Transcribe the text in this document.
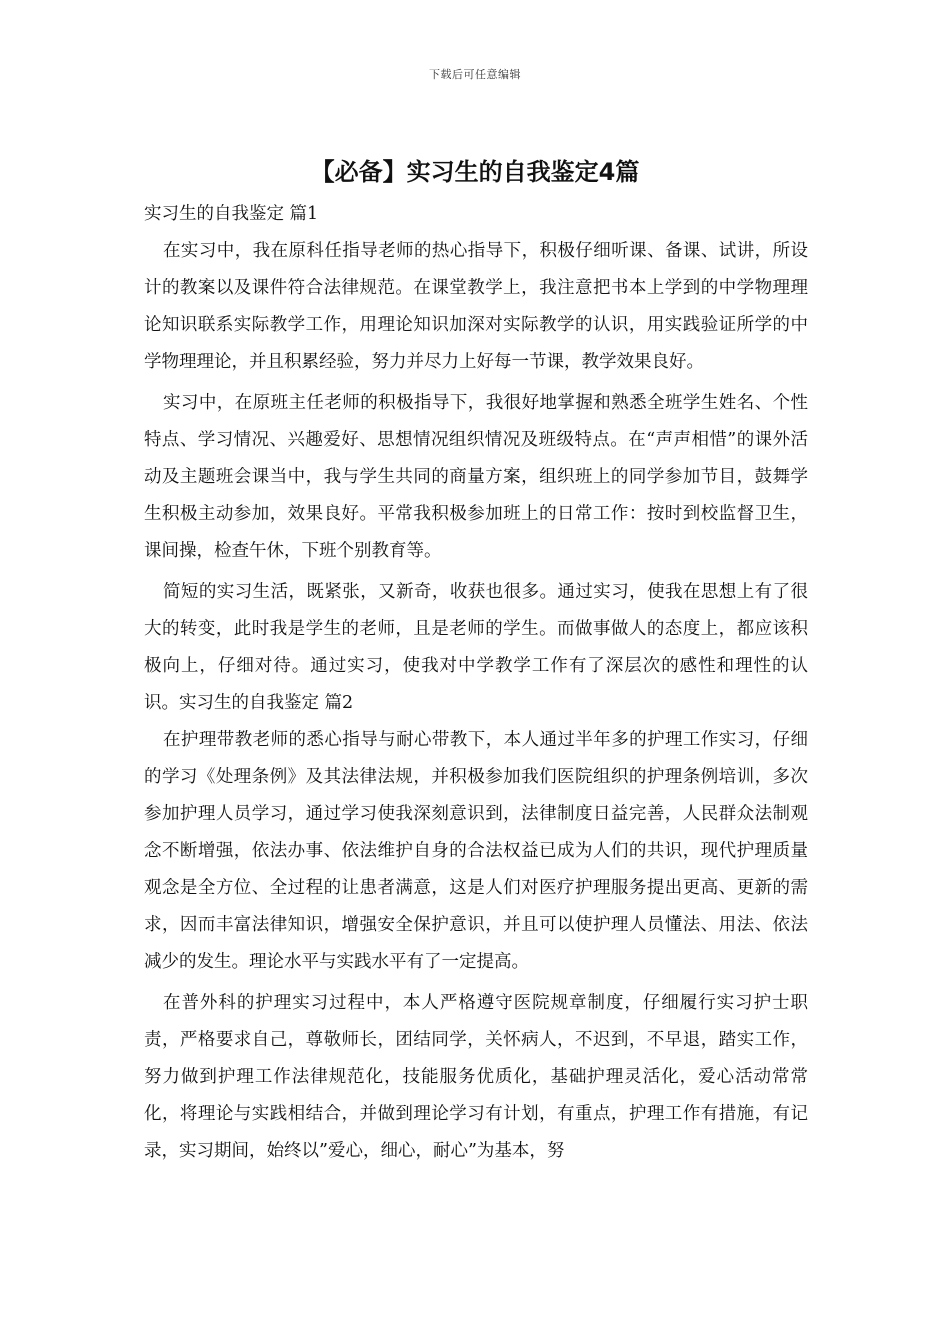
下载后可任意编辑
【必备】实习生的自我鉴定4篇

实习生的自我鉴定 篇1

在实习中，我在原科任指导老师的热心指导下，积极仔细听课、备课、试讲，所设计的教案以及课件符合法律规范。在课堂教学上，我注意把书本上学到的中学物理理论知识联系实际教学工作，用理论知识加深对实际教学的认识，用实践验证所学的中学物理理论，并且积累经验，努力并尽力上好每一节课，教学效果良好。

实习中，在原班主任老师的积极指导下，我很好地掌握和熟悉全班学生姓名、个性特点、学习情况、兴趣爱好、思想情况组织情况及班级特点。在“声声相惜”的课外活动及主题班会课当中，我与学生共同的商量方案，组织班上的同学参加节目，鼓舞学生积极主动参加，效果良好。平常我积极参加班上的日常工作：按时到校监督卫生，课间操，检查午休，下班个别教育等。

简短的实习生活，既紧张，又新奇，收获也很多。通过实习，使我在思想上有了很大的转变，此时我是学生的老师，且是老师的学生。而做事做人的态度上，都应该积极向上，仔细对待。通过实习，使我对中学教学工作有了深层次的感性和理性的认识。实习生的自我鉴定 篇2

在护理带教老师的悉心指导与耐心带教下，本人通过半年多的护理工作实习，仔细的学习《处理条例》及其法律法规，并积极参加我们医院组织的护理条例培训，多次参加护理人员学习，通过学习使我深刻意识到，法律制度日益完善，人民群众法制观念不断增强，依法办事、依法维护自身的合法权益已成为人们的共识，现代护理质量观念是全方位、全过程的让患者满意，这是人们对医疗护理服务提出更高、更新的需求，因而丰富法律知识，增强安全保护意识，并且可以使护理人员懂法、用法、依法减少的发生。理论水平与实践水平有了一定提高。

在普外科的护理实习过程中，本人严格遵守医院规章制度，仔细履行实习护士职责，严格要求自己，尊敬师长，团结同学，关怀病人，不迟到，不早退，踏实工作，努力做到护理工作法律规范化，技能服务优质化，基础护理灵活化，爱心活动常常化，将理论与实践相结合，并做到理论学习有计划，有重点，护理工作有措施，有记录，实习期间，始终以”爱心，细心，耐心”为基本，努
